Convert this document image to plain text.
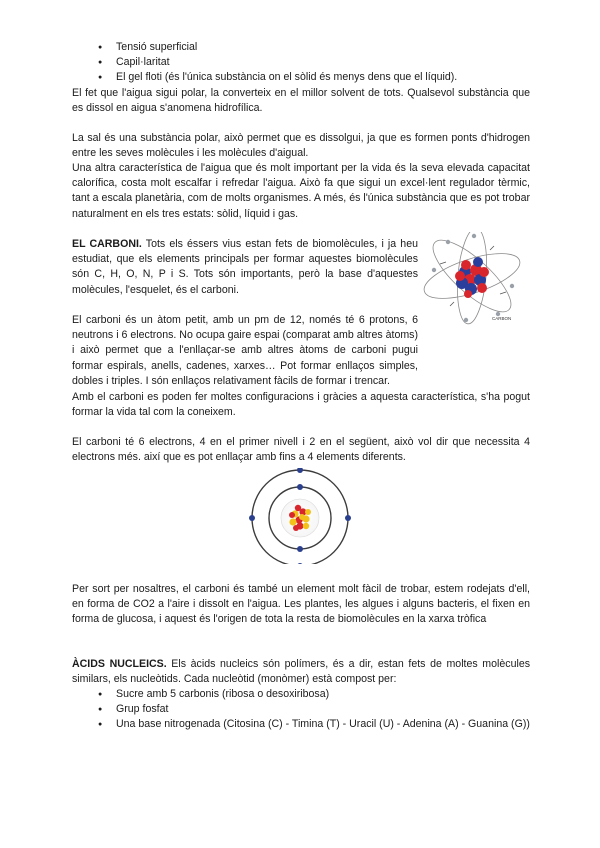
● Tensió superficial
● Capil·laritat
● El gel floti (és l'única substància on el sòlid és menys dens que el líquid).

El fet que l'aigua sigui polar, la converteix en el millor solvent de tots. Qualsevol substància que es dissol en aigua s'anomena hidrofílica.

La sal és una substància polar, això permet que es dissolgui, ja que es formen ponts d'hidrogen entre les seves molècules i les molècules d'aigual.

Una altra característica de l'aigua que és molt important per la vida és la seva elevada capacitat calorífica, costa molt escalfar i refredar l'aigua. Això fa que sigui un excel·lent regulador tèrmic, tant a escala planetària, com de molts organismes. A més, és l'única substància que es pot trobar naturalment en els tres estats: sòlid, líquid i gas.

EL CARBONI. Tots els éssers vius estan fets de biomolècules, i ja heu estudiat, que els elements principals per formar aquestes biomolècules són C, H, O, N, P i S. Tots són importants, però la base d'aquestes molècules, l'esquelet, és el carboni.

CARBON

El carboni és un àtom petit, amb un pm de 12, només té 6 protons, 6 neutrons i 6 electrons. No ocupa gaire espai (comparat amb altres àtoms) i això permet que a l'enllaçar-se amb altres àtoms de carboni pugui formar espirals, anells, cadenes, xarxes… Pot formar enllaços simples, dobles i triples. I són enllaços relativament fàcils de formar i trencar.

Amb el carboni es poden fer moltes configuracions i gràcies a aquesta característica, s'ha pogut formar la vida tal com la coneixem.

El carboni té 6 electrons, 4 en el primer nivell i 2 en el següent, això vol dir que necessita 4 electrons més. així que es pot enllaçar amb fins a 4 elements diferents.

Per sort per nosaltres, el carboni és també un element molt fàcil de trobar, estem rodejats d'ell, en forma de CO2 a l'aire i dissolt en l'aigua. Les plantes, les algues i alguns bacteris, el fixen en forma de glucosa, i aquest és l'origen de tota la resta de biomolècules en la xarxa tròfica

ÀCIDS NUCLEICS. Els àcids nucleics són polímers, és a dir, estan fets de moltes molècules similars, els nucleòtids. Cada nucleòtid (monòmer) està compost per:

● Sucre amb 5 carbonis (ribosa o desoxiribosa)
● Grup fosfat
● Una base nitrogenada (Citosina (C) - Timina (T) - Uracil (U) - Adenina (A) - Guanina (G))
